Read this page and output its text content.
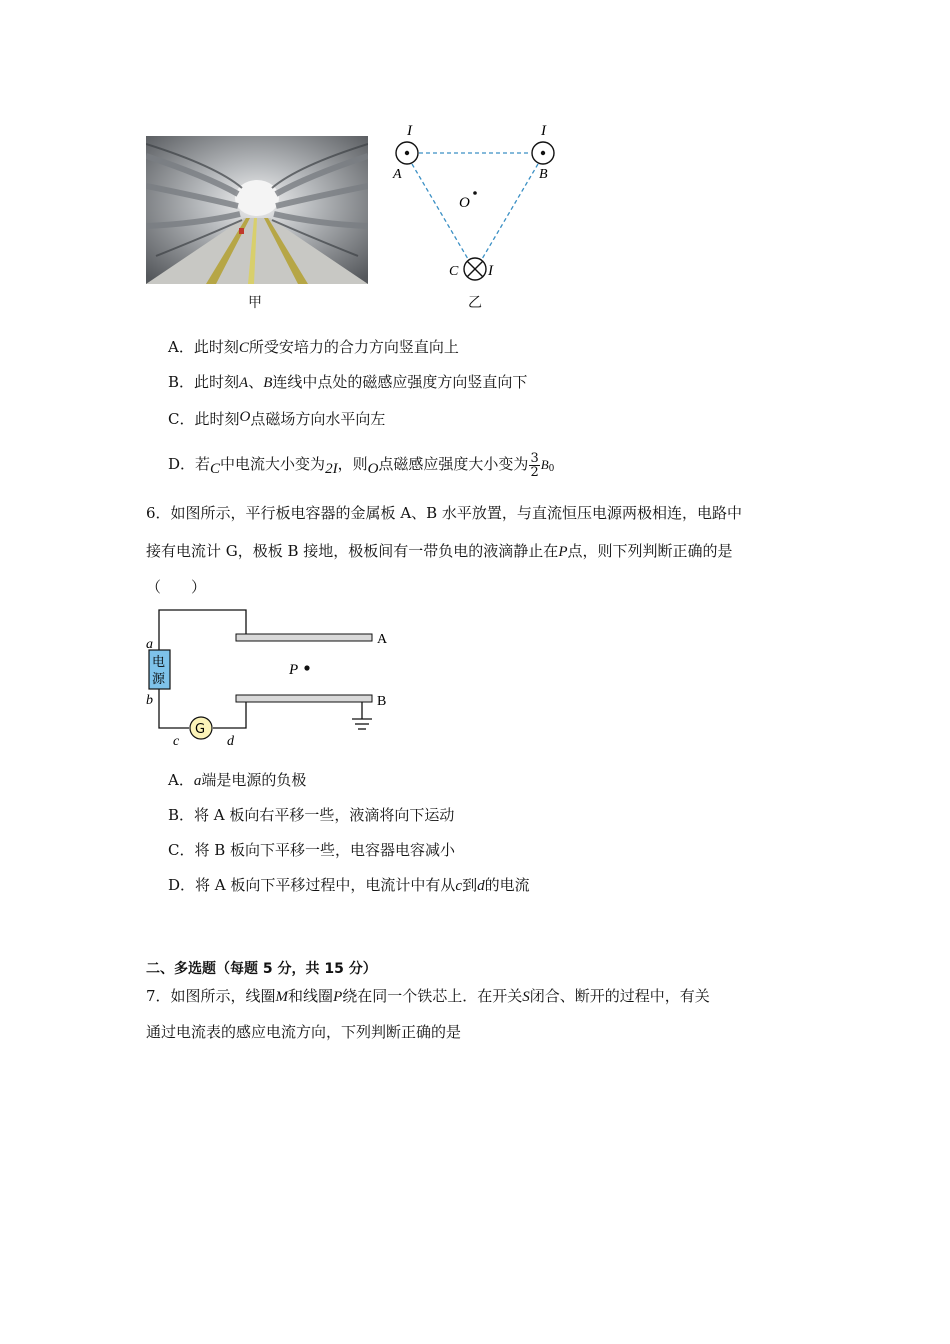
甲
I	I
I
A	B
C
O
乙
A．此时刻C所受安培力的合力方向竖直向上
B．此时刻A、B连线中点处的磁感应强度方向竖直向下
C．此时刻O点磁场方向水平向左
D．若C中电流大小变为2I，则O点磁感应强度大小变为 $\frac{3}{2} B_0$
6．如图所示，平行板电容器的金属板 A、B 水平放置，与直流恒压电源两极相连，电路中
接有电流计 G，极板 B 接地，极板间有一带负电的液滴静止在P点，则下列判断正确的是
（　　）
电
源
G
P
A
B
a
b
c	d
A．a端是电源的负极
B．将 A 板向右平移一些，液滴将向下运动
C．将 B 板向下平移一些，电容器电容减小
D．将 A 板向下平移过程中，电流计中有从c到d的电流
二、多选题（每题 5 分，共 15 分）
7．如图所示，线圈M和线圈P绕在同一个铁芯上．在开关S闭合、断开的过程中，有关
通过电流表的感应电流方向，下列判断正确的是
